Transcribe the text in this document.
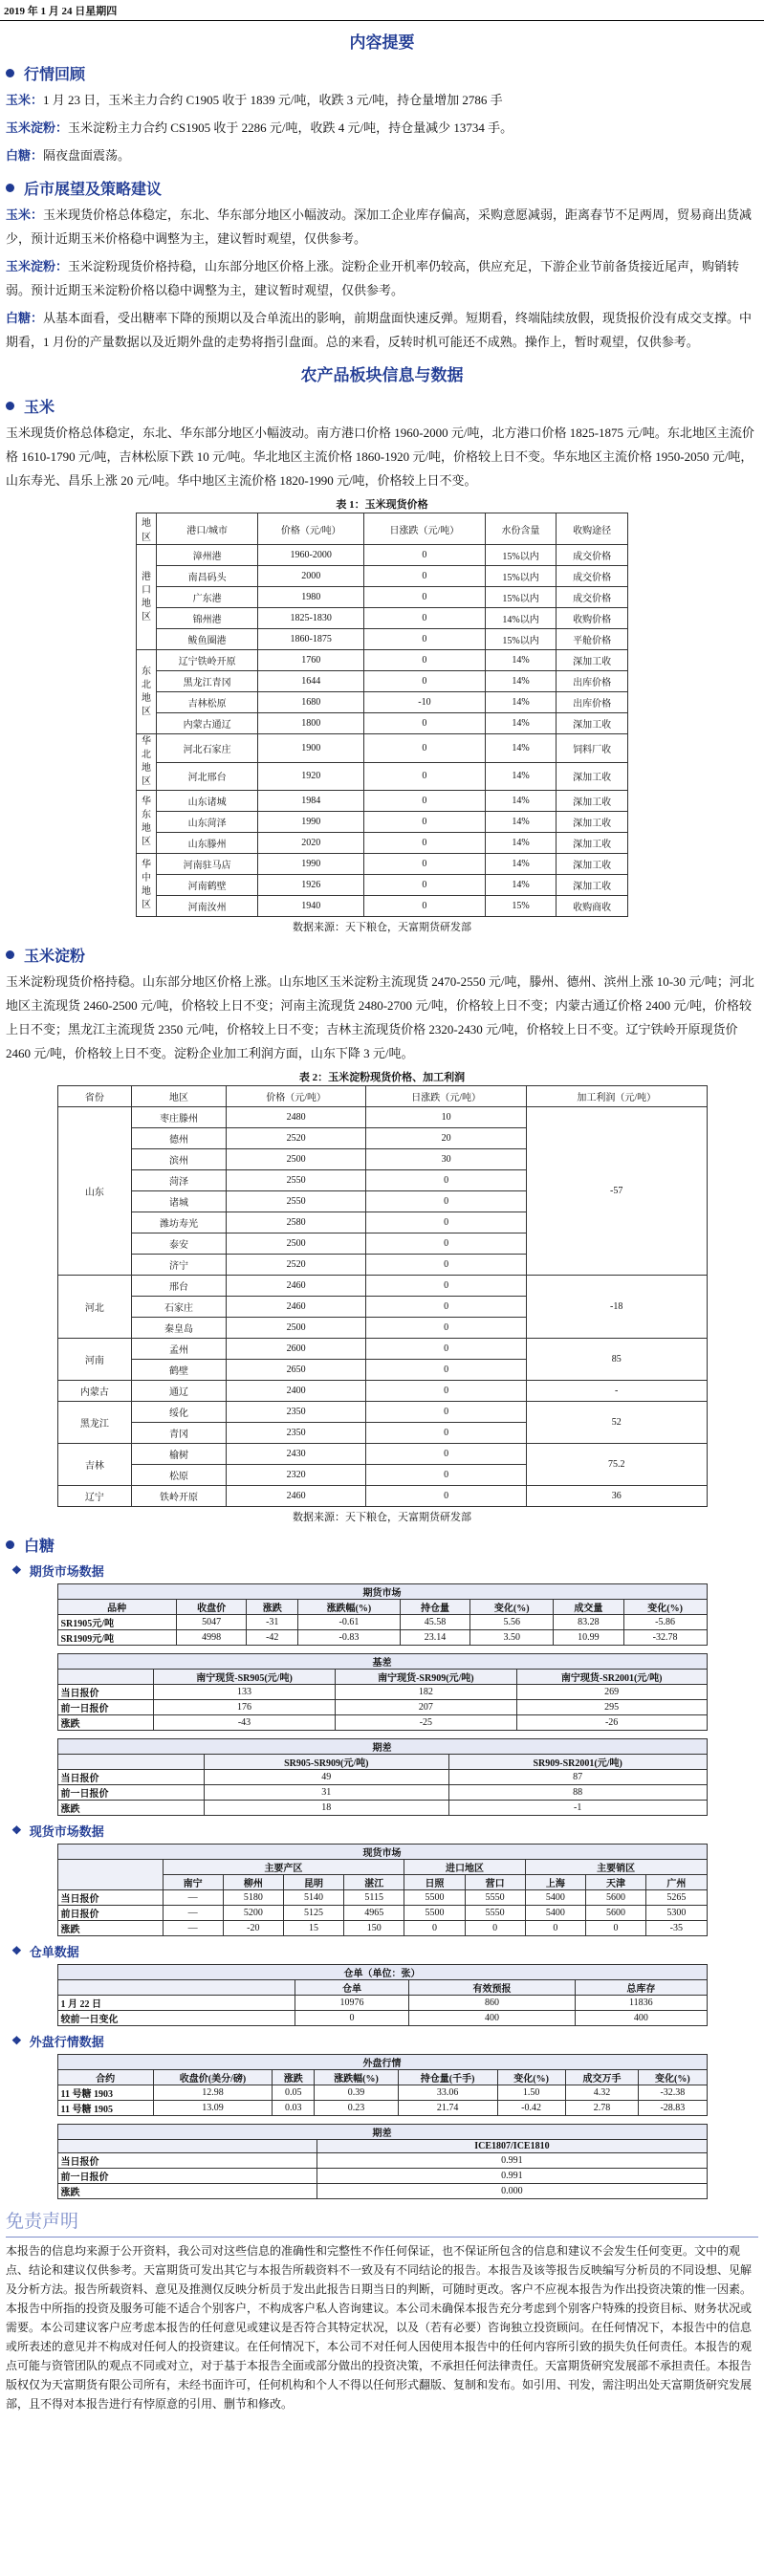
2019 年 1 月 24 日星期四
内容提要
行情回顾

玉米：1 月 23 日，玉米主力合约 C1905 收于 1839 元/吨，收跌 3 元/吨，持仓量增加 2786 手

玉米淀粉：玉米淀粉主力合约 CS1905 收于 2286 元/吨，收跌 4 元/吨，持仓量减少 13734 手。

白糖：隔夜盘面震荡。

后市展望及策略建议

玉米：玉米现货价格总体稳定，东北、华东部分地区小幅波动。深加工企业库存偏高，采购意愿减弱，距离春节不足两周，贸易商出货减少，预计近期玉米价格稳中调整为主，建议暂时观望，仅供参考。

玉米淀粉：玉米淀粉现货价格持稳，山东部分地区价格上涨。淀粉企业开机率仍较高，供应充足，下游企业节前备货接近尾声，购销转弱。预计近期玉米淀粉价格以稳中调整为主，建议暂时观望，仅供参考。

白糖：从基本面看，受出糖率下降的预期以及合单流出的影响，前期盘面快速反弹。短期看，终端陆续放假，现货报价没有成交支撑。中期看，1 月份的产量数据以及近期外盘的走势将指引盘面。总的来看，反转时机可能还不成熟。操作上，暂时观望，仅供参考。

农产品板块信息与数据
玉米

玉米现货价格总体稳定，东北、华东部分地区小幅波动。南方港口价格 1960-2000 元/吨，北方港口价格 1825-1875 元/吨。东北地区主流价格 1610-1790 元/吨，吉林松原下跌 10 元/吨。华北地区主流价格 1860-1920 元/吨，价格较上日不变。华东地区主流价格 1950-2050 元/吨，山东寿光、昌乐上涨 20 元/吨。华中地区主流价格 1820-1990 元/吨，价格较上日不变。

表 1：玉米现货价格
地区	港口/城市	价格（元/吨）	日涨跌（元/吨）	水份含量	收购途径
港口地区	漳州港	1960-2000	0	15%以内	成交价格
	南昌码头	2000	0	15%以内	成交价格
	广东港	1980	0	15%以内	成交价格
	锦州港	1825-1830	0	14%以内	收购价格
	鲅鱼圈港	1860-1875	0	15%以内	平舱价格
东北地区	辽宁铁岭开原	1760	0	14%	深加工收
	黑龙江青冈	1644	0	14%	出库价格
	吉林松原	1680	-10	14%	出库价格
	内蒙古通辽	1800	0	14%	深加工收
华北地区	河北石家庄	1900	0	14%	饲料厂收
	河北邢台	1920	0	14%	深加工收
华东地区	山东诸城	1984	0	14%	深加工收
	山东菏泽	1990	0	14%	深加工收
	山东滕州	2020	0	14%	深加工收
华中地区	河南驻马店	1990	0	14%	深加工收
	河南鹤壁	1926	0	14%	深加工收
	河南汝州	1940	0	15%	收购商收
数据来源：天下粮仓，天富期货研发部
玉米淀粉

玉米淀粉现货价格持稳。山东部分地区价格上涨。山东地区玉米淀粉主流现货 2470-2550 元/吨，滕州、德州、滨州上涨 10-30 元/吨；河北地区主流现货 2460-2500 元/吨，价格较上日不变；河南主流现货 2480-2700 元/吨，价格较上日不变；内蒙古通辽价格 2400 元/吨，价格较上日不变；黑龙江主流现货 2350 元/吨，价格较上日不变；吉林主流现货价格 2320-2430 元/吨，价格较上日不变。辽宁铁岭开原现货价 2460 元/吨，价格较上日不变。淀粉企业加工利润方面，山东下降 3 元/吨。

表 2：玉米淀粉现货价格、加工利润
省份	地区	价格（元/吨）	日涨跌（元/吨）	加工利润（元/吨）
山东	枣庄滕州	2480	10	-57
	德州	2520	20	
	滨州	2500	30	
	菏泽	2550	0	
	诸城	2550	0	
	潍坊寿光	2580	0	
	泰安	2500	0	
	济宁	2520	0	
河北	邢台	2460	0	-18
	石家庄	2460	0	
	秦皇岛	2500	0	
河南	孟州	2600	0	85
	鹤壁	2650	0	
内蒙古	通辽	2400	0	-
黑龙江	绥化	2350	0	52
	青冈	2350	0	
吉林	榆树	2430	0	75.2
	松原	2320	0	
辽宁	铁岭开原	2460	0	36
数据来源：天下粮仓，天富期货研发部
白糖
❖ 期货市场数据
期货市场							
品种	收盘价	涨跌	涨跌幅(%)	持仓量	变化(%)	成交量	变化(%)
SR1905元/吨	5047	-31	-0.61	45.58	5.56	83.28	-5.86
SR1909元/吨	4998	-42	-0.83	23.14	3.50	10.99	-32.78
基差			
	南宁现货-SR905(元/吨)	南宁现货-SR909(元/吨)	南宁现货-SR2001(元/吨)
当日报价	133	182	269
前一日报价	176	207	295
涨跌	-43	-25	-26
期差		
	SR905-SR909(元/吨)	SR909-SR2001(元/吨)
当日报价	49	87
前一日报价	31	88
涨跌	18	-1
❖ 现货市场数据
现货市场									
	主要产区				进口地区		主要销区		
	南宁	柳州	昆明	湛江	日照	营口	上海	天津	广州
当日报价	—	5180	5140	5115	5500	5550	5400	5600	5265
前日报价	—	5200	5125	4965	5500	5550	5400	5600	5300
涨跌	—	-20	15	150	0	0	0	0	-35
❖ 仓单数据
仓单（单位：张）			
	仓单	有效预报	总库存
1 月 22 日	10976	860	11836
较前一日变化	0	400	400
❖ 外盘行情数据
外盘行情							
合约	收盘价(美分/磅)	涨跌	涨跌幅(%)	持仓量(千手)	变化(%)	成交万手	变化(%)
11 号糖 1903	12.98	0.05	0.39	33.06	1.50	4.32	-32.38
11 号糖 1905	13.09	0.03	0.23	21.74	-0.42	2.78	-28.83
期差	
	ICE1807/ICE1810
当日报价	0.991
前一日报价	0.991
涨跌	0.000
免责声明
本报告的信息均来源于公开资料，我公司对这些信息的准确性和完整性不作任何保证，也不保证所包含的信息和建议不会发生任何变更。文中的观点、结论和建议仅供参考。天富期货可发出其它与本报告所载资料不一致及有不同结论的报告。本报告及该等报告反映编写分析员的不同设想、见解及分析方法。报告所载资料、意见及推测仅反映分析员于发出此报告日期当日的判断，可随时更改。客户不应视本报告为作出投资决策的惟一因素。本报告中所指的投资及服务可能不适合个别客户，不构成客户私人咨询建议。本公司未确保本报告充分考虑到个别客户特殊的投资目标、财务状况或需要。本公司建议客户应考虑本报告的任何意见或建议是否符合其特定状况，以及（若有必要）咨询独立投资顾问。在任何情况下，本报告中的信息或所表述的意见并不构成对任何人的投资建议。在任何情况下，本公司不对任何人因使用本报告中的任何内容所引致的损失负任何责任。本报告的观点可能与资管团队的观点不同或对立，对于基于本报告全面或部分做出的投资决策，不承担任何法律责任。天富期货研究发展部不承担责任。本报告版权仅为天富期货有限公司所有，未经书面许可，任何机构和个人不得以任何形式翻版、复制和发布。如引用、刊发，需注明出处天富期货研究发展部，且不得对本报告进行有悖原意的引用、删节和修改。
